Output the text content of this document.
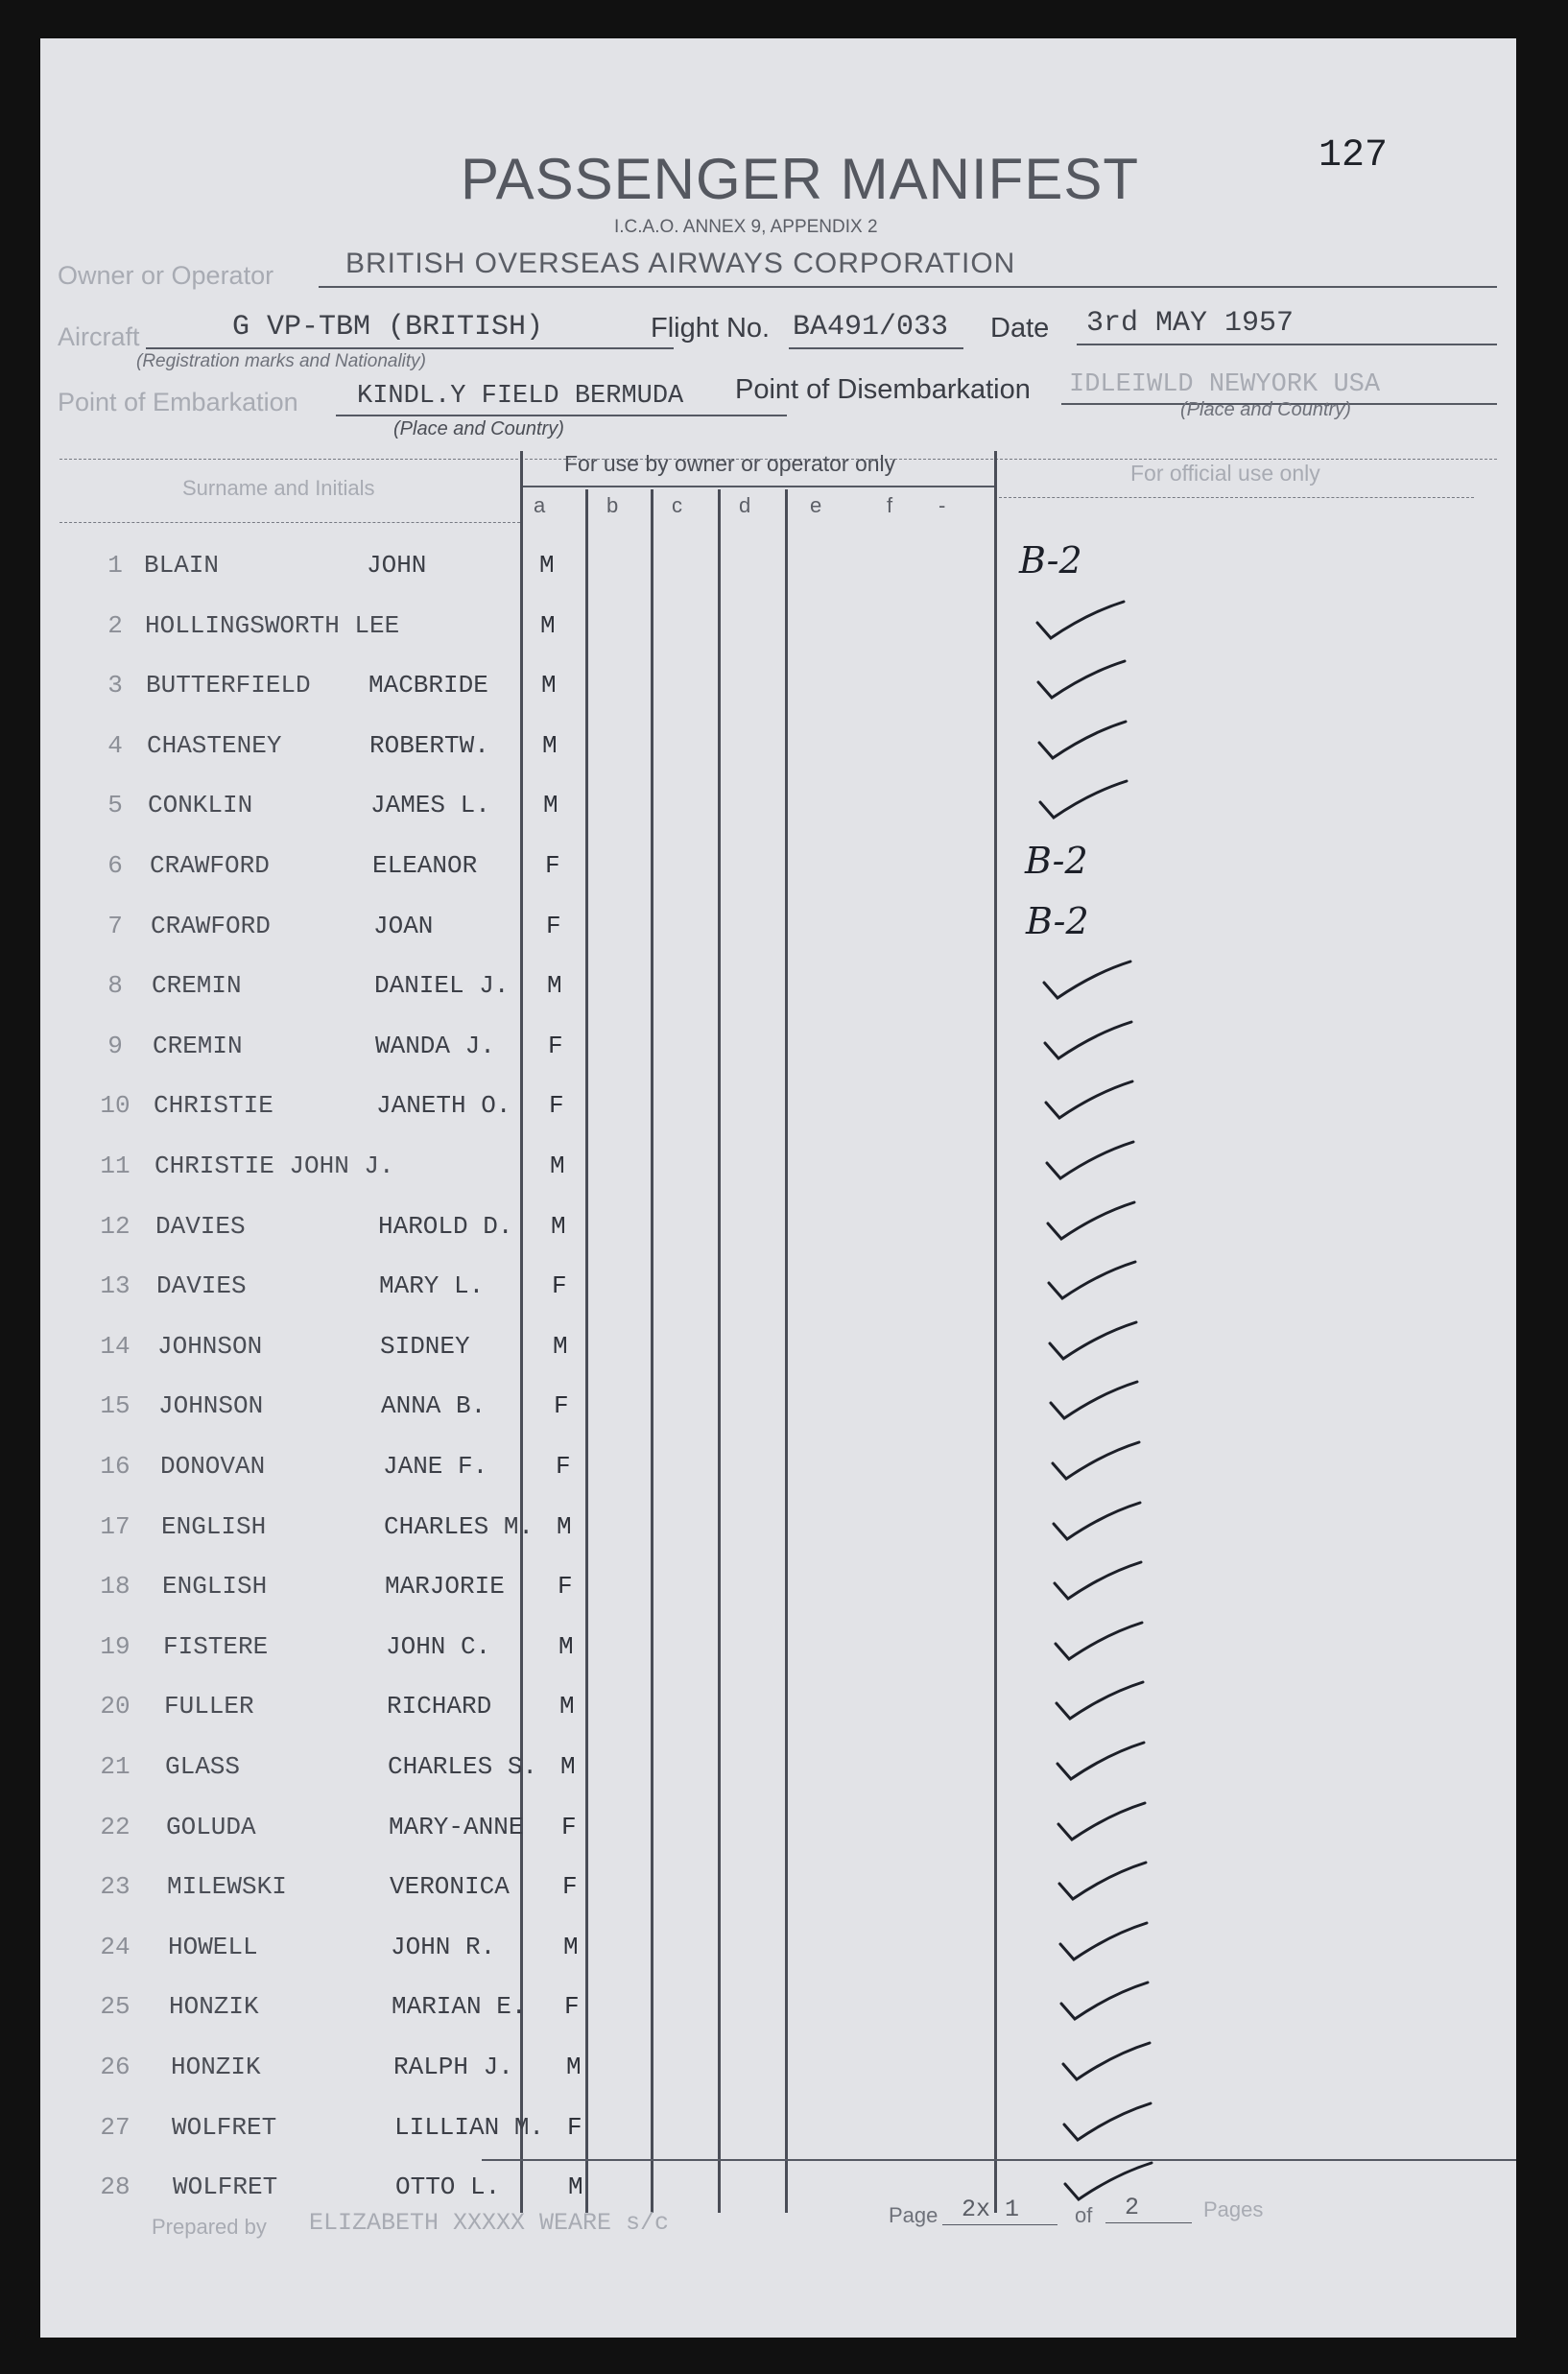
127
PASSENGER MANIFEST
I.C.A.O. ANNEX 9, APPENDIX 2
Owner or Operator BRITISH OVERSEAS AIRWAYS CORPORATION
Aircraft	G VP-TBM (BRITISH)
(Registration marks and Nationality)
Flight No. BA491/033 Date 3rd MAY 1957
Point of Embarkation KINDL.Y FIELD BERMUDA
(Place and Country)
Point of Disembarkation IDLEIWLD NEWYORK USA
(Place and Country)
Surname and Initials
For use by owner or operator only	For official use only
1 BLAIN	JOHN	M	B-2
2 HOLLINGSWORTH LEE	M
3 BUTTERFIELD MACBRIDE M
4 CHASTENEY	ROBERTW. M
5	CONKLIN	JAMES L. M
6	CRAWFORD	ELEANOR	F	B-2
7	CRAWFORD	JOAN	F	B-2
8	CREMIN	DANIEL J. M
9	CREMIN	WANDA J. F
10 CHRISTIE	JANETH O. F
11 CHRISTIE JOHN J.	M
12	DAVIES	HAROLD D. M
13	DAVIES	MARY L.	F
14	JOHNSON	SIDNEY	M
15	JOHNSON	ANNA B.	F
16	DONOVAN	JANE F.	F
17	ENGLISH	CHARLES M. M
18	ENGLISH	MARJORIE F
19	FISTERE	JOHN C.	M
20	FULLER	RICHARD	M
21	GLASS	CHARLES S. M
22	GOLUDA	MARY-ANNE F
23	MILEWSKI	VERONICA F
24	HOWELL	JOHN R.	M
25	HONZIK	MARIAN E. F
26	HONZIK	RALPH J. M
27	WOLFRET	LILLIAN M. F
28	WOLFRET	OTTO L.	M
Prepared by ELIZABETH XXXXX WEARE s/c	Page 2x 1	of 2	Pages
a	b	c	d	e	f -
